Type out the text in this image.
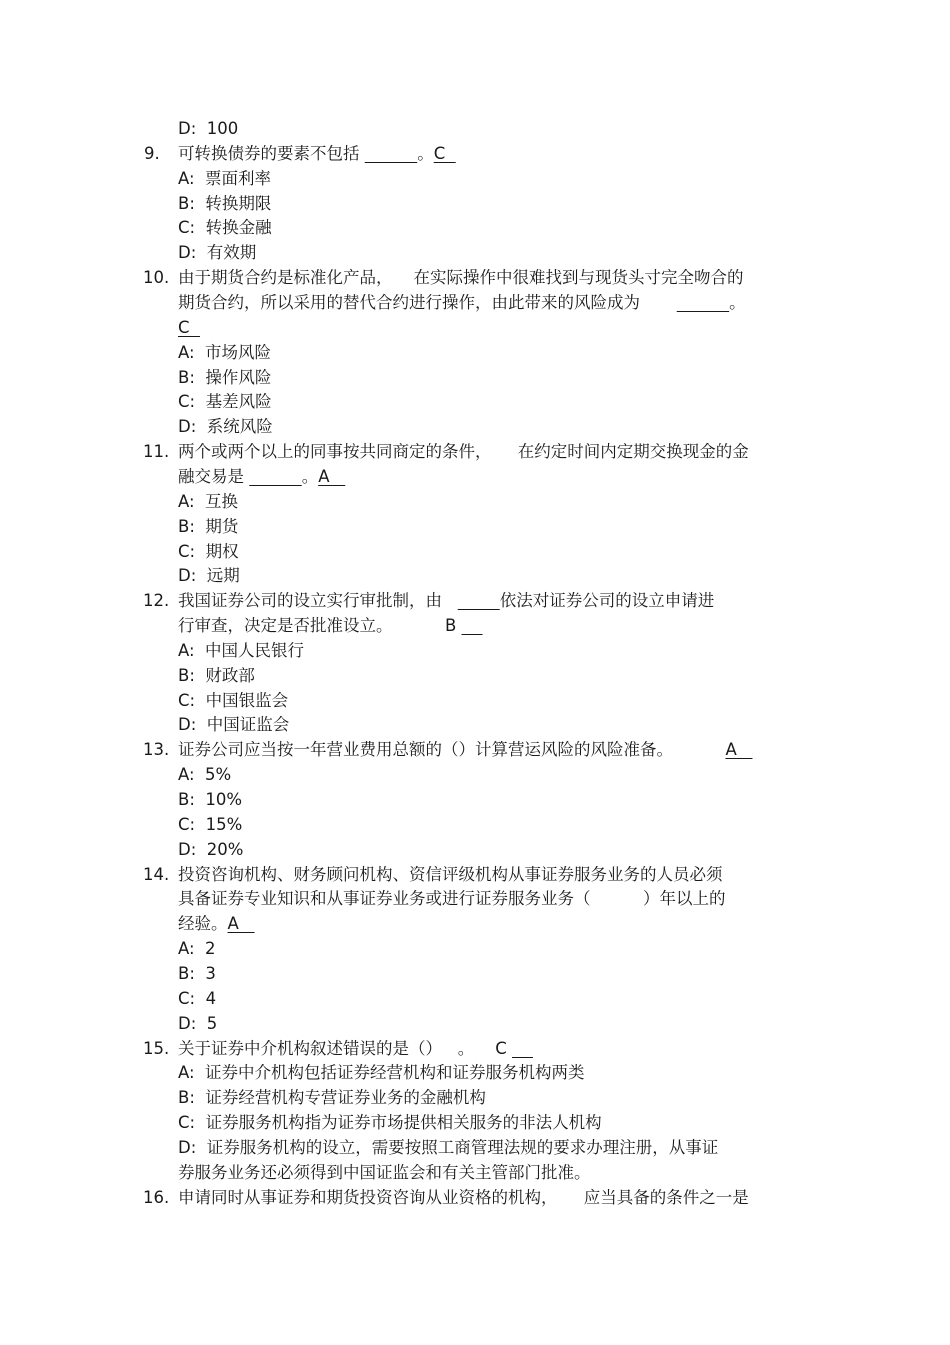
D:  100
9. 可转换债券的要素不包括	。C
A:  票面利率
B:  转换期限
C:  转换金融
D:  有效期
10. 由于期货合约是标准化产品，    在实际操作中很难找到与现货头寸完全吻合的
期货合约，所以采用的替代合约进行操作，由此带来的风险成为	。
C
A:  市场风险
B:  操作风险
C:  基差风险
D:  系统风险
11. 两个或两个以上的同事按共同商定的条件，     在约定时间内定期交换现金的金
融交易是	。A
A:  互换
B:  期货
C:  期权
D:  远期
12. 我国证券公司的设立实行审批制，由	依法对证券公司的设立申请进
行审查，决定是否批准设立。          B
A:  中国人民银行
B:  财政部
C:  中国银监会
D:  中国证监会
13. 证券公司应当按一年营业费用总额的（）计算营运风险的风险准备。          A
A:  5%
B:  10%
C:  15%
D:  20%
14. 投资咨询机构、财务顾问机构、资信评级机构从事证券服务业务的人员必须
具备证券专业知识和从事证券业务或进行证券服务业务（          ）年以上的
经验。A
A:  2
B:  3
C:  4
D:  5
15. 关于证券中介机构叙述错误的是（）   。    C
A:  证券中介机构包括证券经营机构和证券服务机构两类
B:  证券经营机构专营证券业务的金融机构
C:  证券服务机构指为证券市场提供相关服务的非法人机构
D:  证券服务机构的设立，需要按照工商管理法规的要求办理注册，从事证
券服务业务还必须得到中国证监会和有关主管部门批准。
16. 申请同时从事证券和期货投资咨询从业资格的机构，     应当具备的条件之一是
